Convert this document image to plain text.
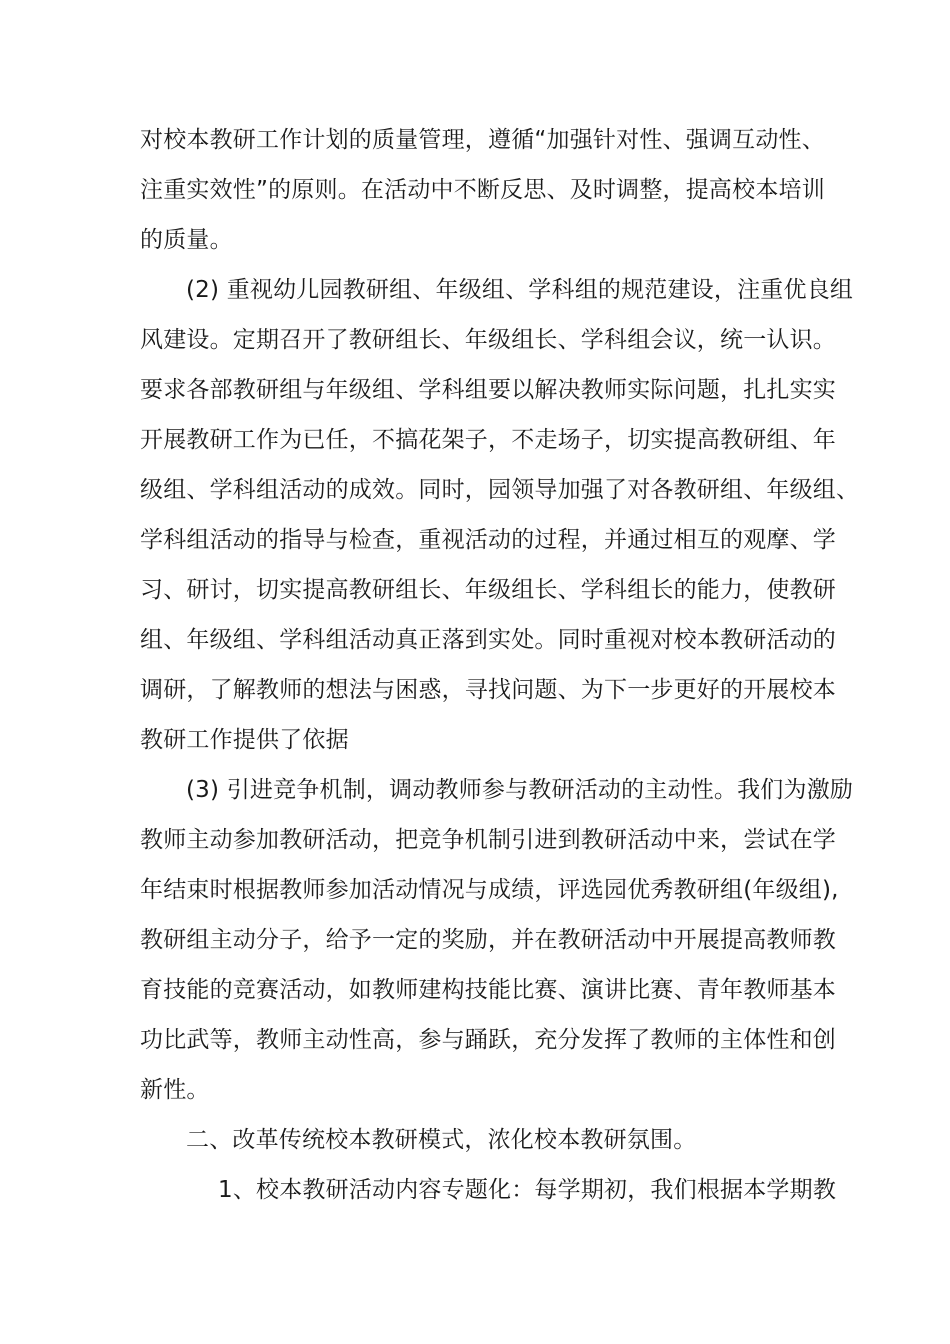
对校本教研工作计划的质量管理，遵循“加强针对性、强调互动性、
注重实效性”的原则。在活动中不断反思、及时调整，提高校本培训
的质量。
(2) 重视幼儿园教研组、年级组、学科组的规范建设，注重优良组
风建设。定期召开了教研组长、年级组长、学科组会议，统一认识。
要求各部教研组与年级组、学科组要以解决教师实际问题，扎扎实实
开展教研工作为已任，不搞花架子，不走场子，切实提高教研组、年
级组、学科组活动的成效。同时，园领导加强了对各教研组、年级组、
学科组活动的指导与检查，重视活动的过程，并通过相互的观摩、学
习、研讨，切实提高教研组长、年级组长、学科组长的能力，使教研
组、年级组、学科组活动真正落到实处。同时重视对校本教研活动的
调研，了解教师的想法与困惑，寻找问题、为下一步更好的开展校本
教研工作提供了依据
(3) 引进竞争机制，调动教师参与教研活动的主动性。我们为激励
教师主动参加教研活动，把竞争机制引进到教研活动中来，尝试在学
年结束时根据教师参加活动情况与成绩，评选园优秀教研组(年级组),
教研组主动分子，给予一定的奖励，并在教研活动中开展提高教师教
育技能的竞赛活动，如教师建构技能比赛、演讲比赛、青年教师基本
功比武等，教师主动性高，参与踊跃，充分发挥了教师的主体性和创
新性。
二、改革传统校本教研模式，浓化校本教研氛围。
1、校本教研活动内容专题化：每学期初，我们根据本学期教
